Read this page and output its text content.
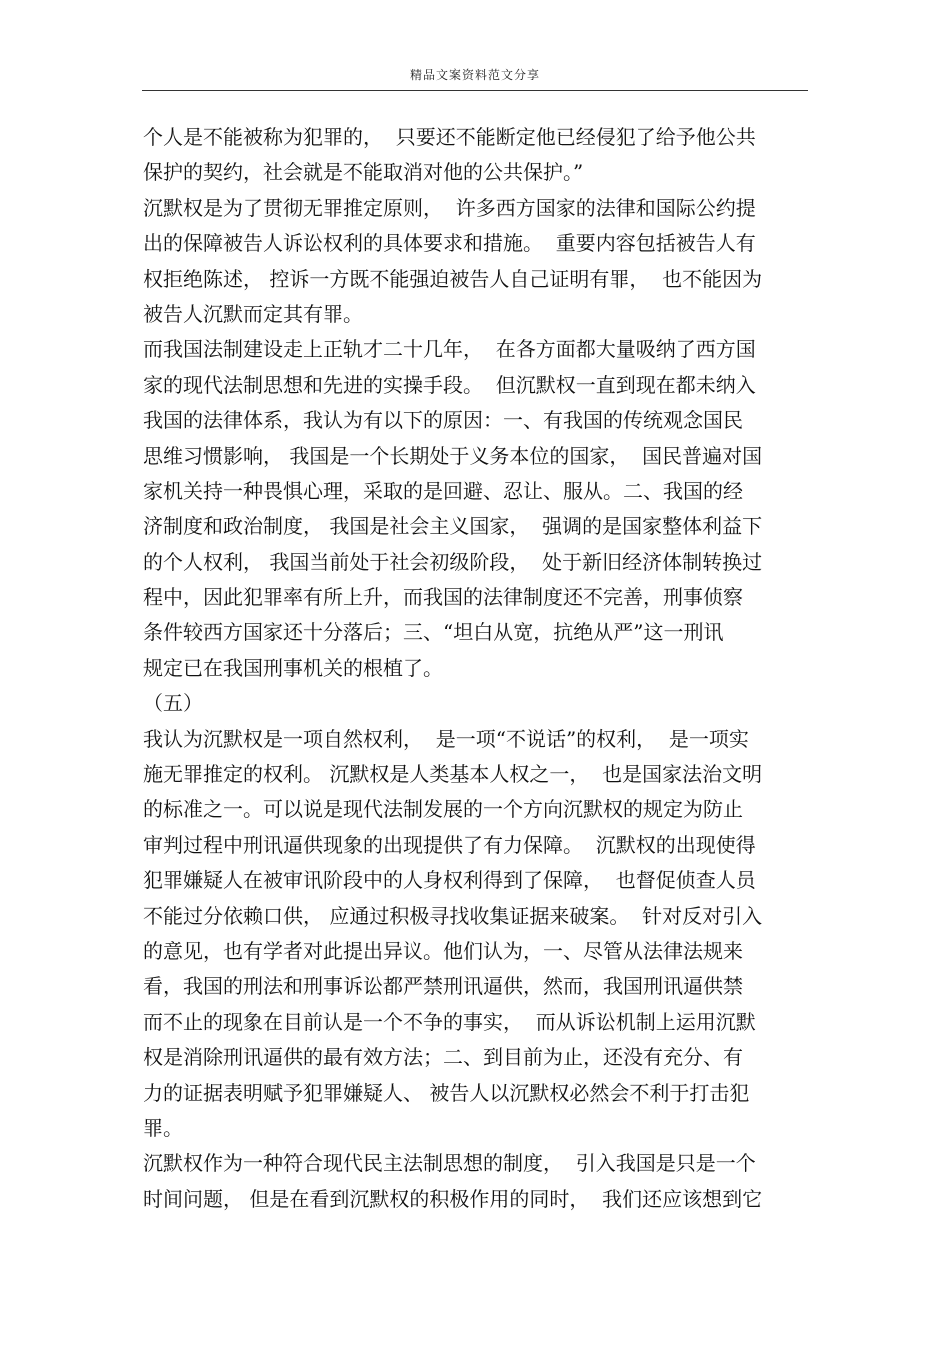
精品文案资料范文分享
个人是不能被称为犯罪的，  只要还不能断定他已经侵犯了给予他公共
保护的契约，社会就是不能取消对他的公共保护。”
沉默权是为了贯彻无罪推定原则，  许多西方国家的法律和国际公约提
出的保障被告人诉讼权利的具体要求和措施。  重要内容包括被告人有
权拒绝陈述， 控诉一方既不能强迫被告人自己证明有罪，  也不能因为
被告人沉默而定其有罪。
而我国法制建设走上正轨才二十几年，  在各方面都大量吸纳了西方国
家的现代法制思想和先进的实操手段。  但沉默权一直到现在都未纳入
我国的法律体系，我认为有以下的原因：一、有我国的传统观念国民
思维习惯影响， 我国是一个长期处于义务本位的国家，  国民普遍对国
家机关持一种畏惧心理，采取的是回避、忍让、服从。二、我国的经
济制度和政治制度， 我国是社会主义国家，  强调的是国家整体利益下
的个人权利， 我国当前处于社会初级阶段，  处于新旧经济体制转换过
程中，因此犯罪率有所上升，而我国的法律制度还不完善，刑事侦察
条件较西方国家还十分落后；三、“坦白从宽，抗绝从严”这一刑讯
规定已在我国刑事机关的根植了。
（五）
我认为沉默权是一项自然权利，  是一项“不说话”的权利，  是一项实
施无罪推定的权利。 沉默权是人类基本人权之一，  也是国家法治文明
的标准之一。可以说是现代法制发展的一个方向沉默权的规定为防止
审判过程中刑讯逼供现象的出现提供了有力保障。  沉默权的出现使得
犯罪嫌疑人在被审讯阶段中的人身权利得到了保障，  也督促侦查人员
不能过分依赖口供， 应通过积极寻找收集证据来破案。  针对反对引入
的意见，也有学者对此提出异议。他们认为，一、尽管从法律法规来
看，我国的刑法和刑事诉讼都严禁刑讯逼供，然而，我国刑讯逼供禁
而不止的现象在目前认是一个不争的事实，  而从诉讼机制上运用沉默
权是消除刑讯逼供的最有效方法；二、到目前为止，还没有充分、有
力的证据表明赋予犯罪嫌疑人、 被告人以沉默权必然会不利于打击犯
罪。
沉默权作为一种符合现代民主法制思想的制度，  引入我国是只是一个
时间问题， 但是在看到沉默权的积极作用的同时，  我们还应该想到它
